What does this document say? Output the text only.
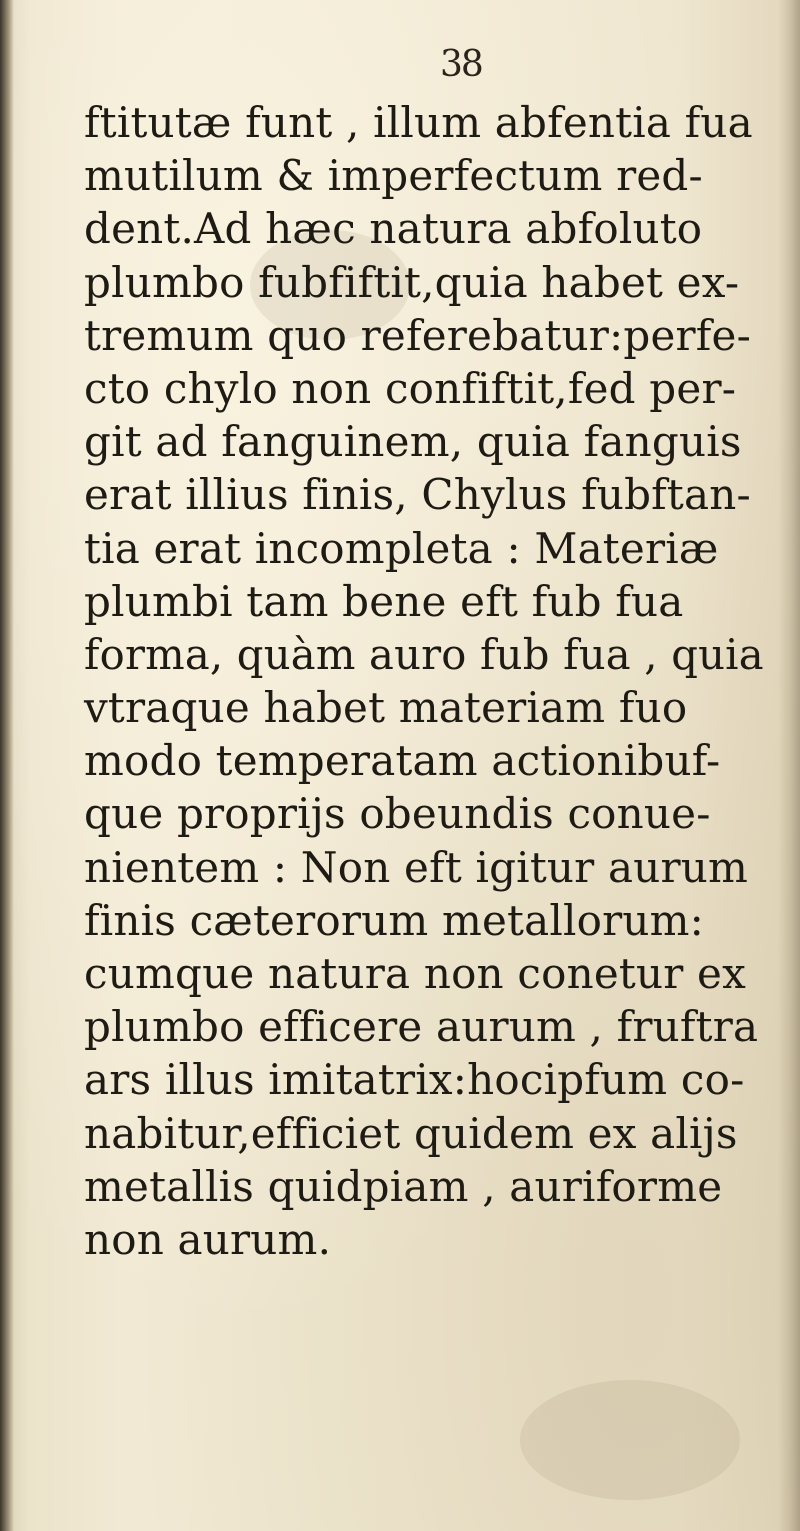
38
ftitutæ funt , illum abfentia fua
mutilum & imperfectum red-
dent.Ad hæc natura abfoluto
plumbo fubfiftit,quia habet ex-
tremum quo referebatur:perfe-
cto chylo non confiftit,fed per-
git ad fanguinem, quia fanguis
erat illius finis, Chylus fubftan-
tia erat incompleta : Materiæ
plumbi tam bene eft fub fua
forma, quàm auro fub fua , quia
vtraque habet materiam fuo
modo temperatam actionibuf-
que proprijs obeundis conue-
nientem : Non eft igitur aurum
finis cæterorum metallorum:
cumque natura non conetur ex
plumbo efficere aurum , fruftra
ars illus imitatrix:hocipfum co-
nabitur,efficiet quidem ex alijs
metallis quidpiam , auriforme
non aurum.
